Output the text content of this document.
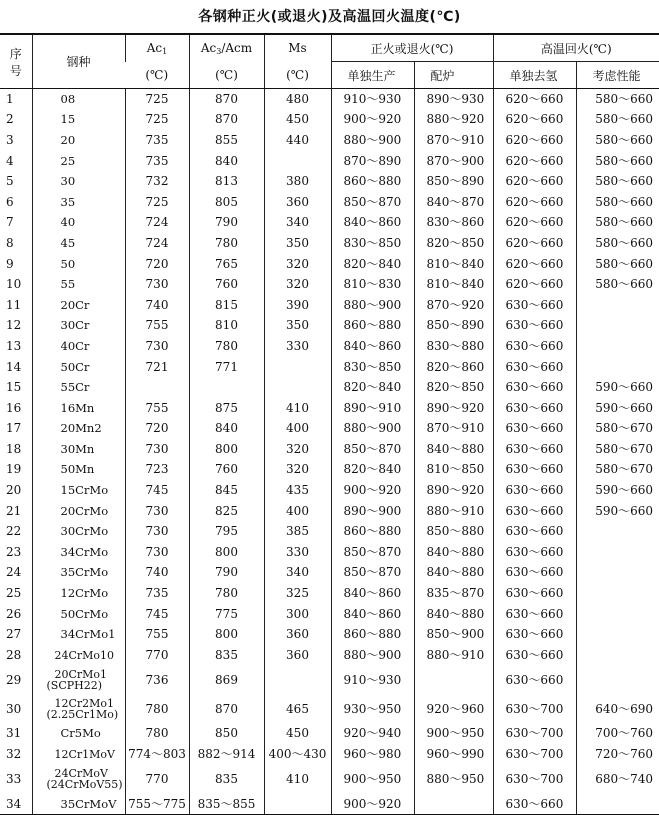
各钢种正火(或退火)及高温回火温度(℃)
序
号	钢种	$Ac_1$	$Ac_3$/Acm	Ms	正火或退火(℃)		高温回火(℃)	
		(℃)	(℃)	(℃)	单独生产	配炉	单独去氢	考虑性能
1	08	725	870	480	910～930	890～930	620～660	580～660
2	15	725	870	450	900～920	880～920	620～660	580～660
3	20	735	855	440	880～900	870～910	620～660	580～660
4	25	735	840		870～890	870～900	620～660	580～660
5	30	732	813	380	860～880	850～890	620～660	580～660
6	35	725	805	360	850～870	840～870	620～660	580～660
7	40	724	790	340	840～860	830～860	620～660	580～660
8	45	724	780	350	830～850	820～850	620～660	580～660
9	50	720	765	320	820～840	810～840	620～660	580～660
10	55	730	760	320	810～830	810～840	620～660	580～660
11	20Cr	740	815	390	880～900	870～920	630～660	
12	30Cr	755	810	350	860～880	850～890	630～660	
13	40Cr	730	780	330	840～860	830～880	630～660	
14	50Cr	721	771		830～850	820～860	630～660	
15	55Cr				820～840	820～850	630～660	590～660
16	16Mn	755	875	410	890～910	890～920	630～660	590～660
17	20Mn2	720	840	400	880～900	870～910	630～660	580～670
18	30Mn	730	800	320	850～870	840～880	630～660	580～670
19	50Mn	723	760	320	820～840	810～850	630～660	580～670
20	15CrMo	745	845	435	900～920	890～920	630～660	590～660
21	20CrMo	730	825	400	890～900	880～910	630～660	590～660
22	30CrMo	730	795	385	860～880	850～880	630～660	
23	34CrMo	730	800	330	850～870	840～880	630～660	
24	35CrMo	740	790	340	850～870	840～880	630～660	
25	12CrMo	735	780	325	840～860	835～870	630～660	
26	50CrMo	745	775	300	840～860	840～880	630～660	
27	34CrMo1	755	800	360	860～880	850～900	630～660	
28	24CrMo10	770	835	360	880～900	880～910	630～660	
29	20CrMo1
(SCPH22)	736	869		910～930		630～660	
30	12Cr2Mo1
(2.25Cr1Mo)	780	870	465	930～950	920～960	630～700	640～690
31	Cr5Mo	780	850	450	920～940	900～950	630～700	700～760
32	12Cr1MoV	774～803	882～914	400～430	960～980	960～990	630～700	720～760
33	24CrMoV
(24CrMoV55)	770	835	410	900～950	880～950	630～700	680～740
34	35CrMoV	755～775	835～855		900～920		630～660	
